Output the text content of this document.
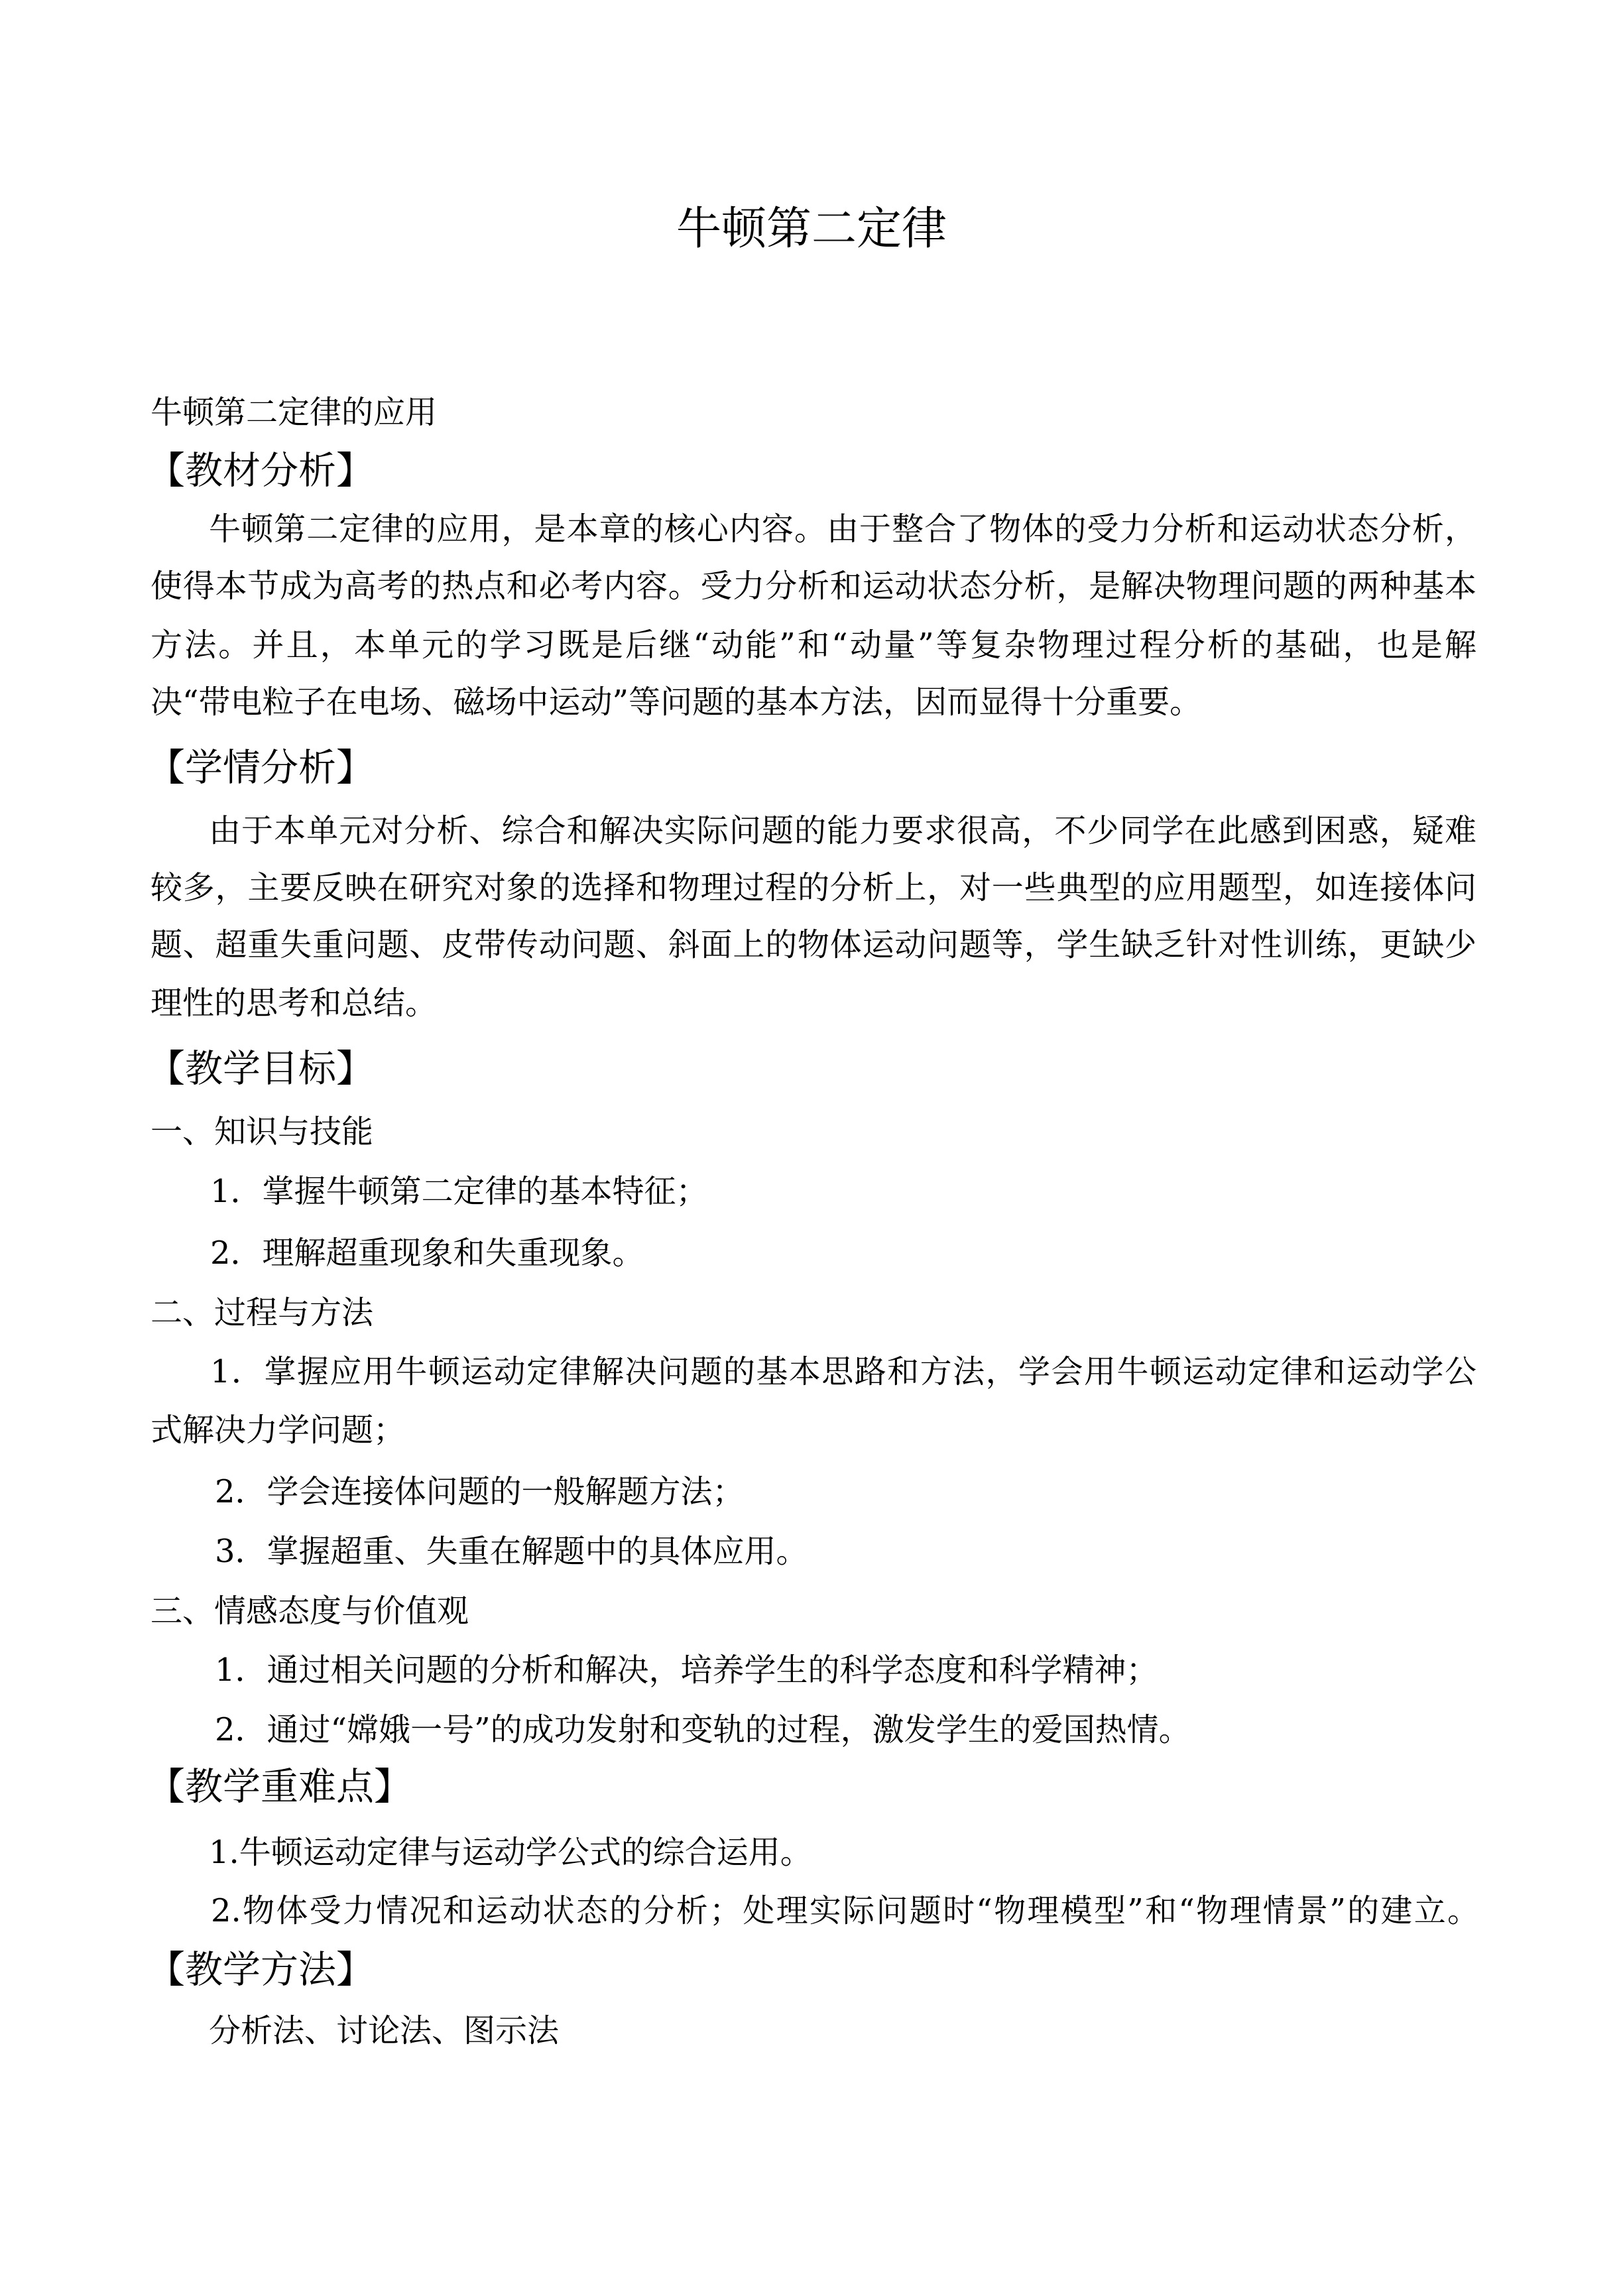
牛顿第二定律
牛顿第二定律的应用
【教材分析】
牛顿第二定律的应用，是本章的核心内容。由于整合了物体的受力分析和运动状态分析，
使得本节成为高考的热点和必考内容。受力分析和运动状态分析，是解决物理问题的两种基本
方法。并且，本单元的学习既是后继“动能”和“动量”等复杂物理过程分析的基础，也是解
决“带电粒子在电场、磁场中运动”等问题的基本方法，因而显得十分重要。
【学情分析】
由于本单元对分析、综合和解决实际问题的能力要求很高，不少同学在此感到困惑，疑难
较多，主要反映在研究对象的选择和物理过程的分析上，对一些典型的应用题型，如连接体问
题、超重失重问题、皮带传动问题、斜面上的物体运动问题等，学生缺乏针对性训练，更缺少
理性的思考和总结。
【教学目标】
一、知识与技能
1．掌握牛顿第二定律的基本特征；
2．理解超重现象和失重现象。
二、过程与方法
1．掌握应用牛顿运动定律解决问题的基本思路和方法，学会用牛顿运动定律和运动学公
式解决力学问题；
2．学会连接体问题的一般解题方法；
3．掌握超重、失重在解题中的具体应用。
三、情感态度与价值观
1．通过相关问题的分析和解决，培养学生的科学态度和科学精神；
2．通过“嫦娥一号”的成功发射和变轨的过程，激发学生的爱国热情。
【教学重难点】
1.牛顿运动定律与运动学公式的综合运用。
2.物体受力情况和运动状态的分析；处理实际问题时“物理模型”和“物理情景”的建立。
【教学方法】
分析法、讨论法、图示法
